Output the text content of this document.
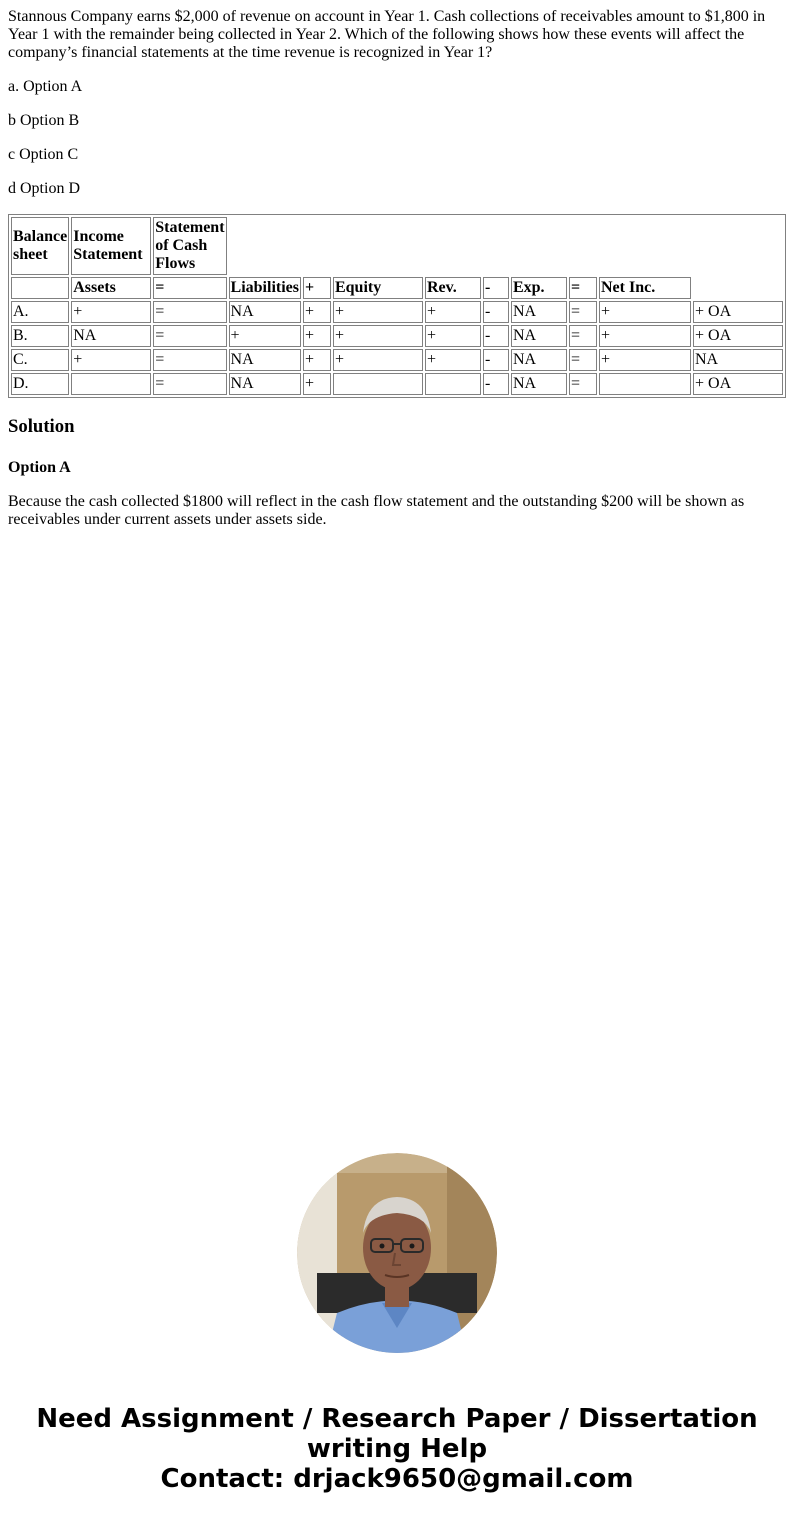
Stannous Company earns $2,000 of revenue on account in Year 1. Cash collections of receivables amount to $1,800 in Year 1 with the remainder being collected in Year 2. Which of the following shows how these events will affect the company’s financial statements at the time revenue is recognized in Year 1?

a. Option A

b Option B

c Option C

d Option D

Balance sheet	Income Statement	Statement of Cash Flows									
	Assets	=	Liabilities	+	Equity	Rev.	-	Exp.	=	Net Inc.	
A.	+	=	NA	+	+	+	-	NA	=	+	+ OA
B.	NA	=	+	+	+	+	-	NA	=	+	+ OA
C.	+	=	NA	+	+	+	-	NA	=	+	NA
D.		=	NA	+			-	NA	=		+ OA
Solution
Option A

Because the cash collected $1800 will reflect in the cash flow statement and the outstanding $200 will be shown as receivables under current assets under assets side.

Need Assignment / Research Paper / Dissertation writing Help
Contact: drjack9650@gmail.com
